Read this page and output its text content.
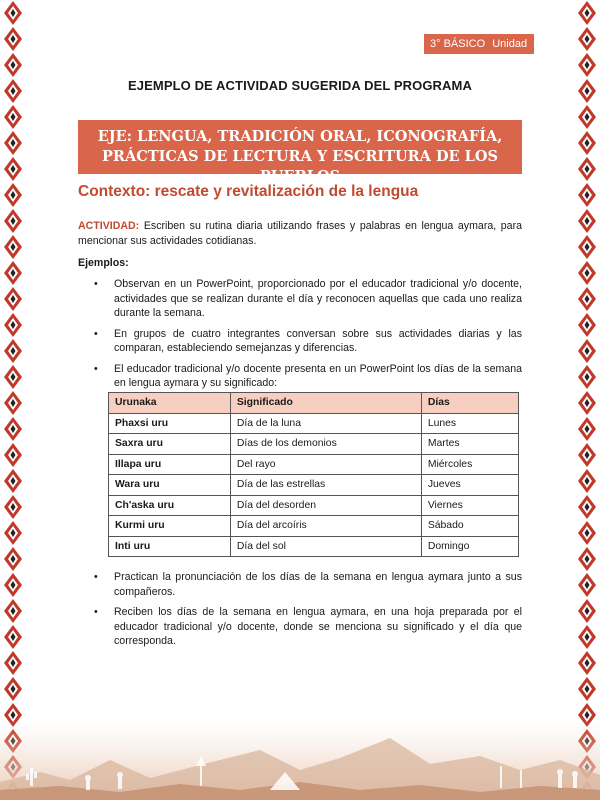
3° BÁSICO Unidad 4
EJEMPLO DE ACTIVIDAD SUGERIDA DEL PROGRAMA
EJE: LENGUA, TRADICIÓN ORAL, ICONOGRAFÍA,
PRÁCTICAS DE LECTURA Y ESCRITURA DE LOS PUEBLOS
Contexto: rescate y revitalización de la lengua
ACTIVIDAD: Escriben su rutina diaria utilizando frases y palabras en lengua aymara, para mencionar sus actividades cotidianas.
Ejemplos:
• Observan en un PowerPoint, proporcionado por el educador tradicional y/o docente, actividades que se realizan durante el día y reconocen aquellas que cada uno realiza durante la semana.
• En grupos de cuatro integrantes conversan sobre sus actividades diarias y las comparan, estableciendo semejanzas y diferencias.
• El educador tradicional y/o docente presenta en un PowerPoint los días de la semana en lengua aymara y su significado:
Urunaka	Significado	Días
Phaxsi uru	Día de la luna	Lunes
Saxra uru	Días de los demonios	Martes
Illapa uru	Del rayo	Miércoles
Wara uru	Día de las estrellas	Jueves
Ch'aska uru	Día del desorden	Viernes
Kurmi uru	Día del arcoíris	Sábado
Inti uru	Día del sol	Domingo
• Practican la pronunciación de los días de la semana en lengua aymara junto a sus compañeros.
• Reciben los días de la semana en lengua aymara, en una hoja preparada por el educador tradicional y/o docente, donde se menciona su significado y el día que corresponda.
